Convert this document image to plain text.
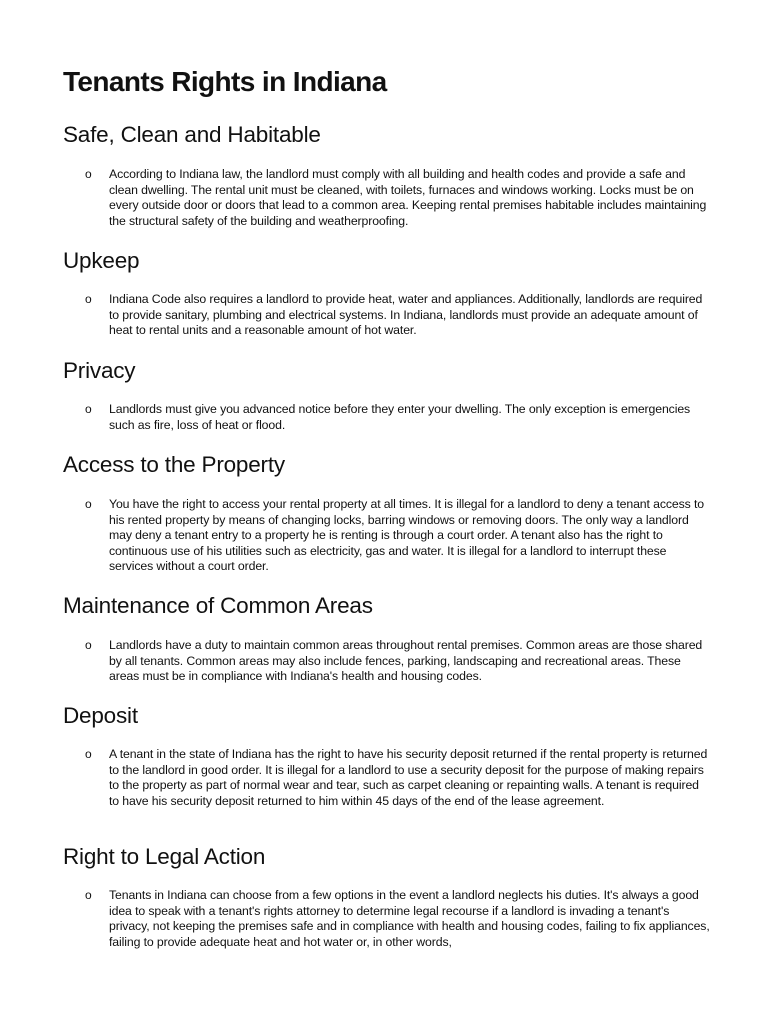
Tenants Rights in Indiana
Safe, Clean and Habitable
o According to Indiana law, the landlord must comply with all building and health codes and provide a safe and clean dwelling. The rental unit must be cleaned, with toilets, furnaces and windows working. Locks must be on every outside door or doors that lead to a common area. Keeping rental premises habitable includes maintaining the structural safety of the building and weatherproofing.

Upkeep
o Indiana Code also requires a landlord to provide heat, water and appliances. Additionally, landlords are required to provide sanitary, plumbing and electrical systems. In Indiana, landlords must provide an adequate amount of heat to rental units and a reasonable amount of hot water.

Privacy
o Landlords must give you advanced notice before they enter your dwelling. The only exception is emergencies such as fire, loss of heat or flood.

Access to the Property
o You have the right to access your rental property at all times. It is illegal for a landlord to deny a tenant access to his rented property by means of changing locks, barring windows or removing doors. The only way a landlord may deny a tenant entry to a property he is renting is through a court order. A tenant also has the right to continuous use of his utilities such as electricity, gas and water. It is illegal for a landlord to interrupt these services without a court order.

Maintenance of Common Areas
o Landlords have a duty to maintain common areas throughout rental premises. Common areas are those shared by all tenants. Common areas may also include fences, parking, landscaping and recreational areas. These areas must be in compliance with Indiana's health and housing codes.

Deposit
o A tenant in the state of Indiana has the right to have his security deposit returned if the rental property is returned to the landlord in good order. It is illegal for a landlord to use a security deposit for the purpose of making repairs to the property as part of normal wear and tear, such as carpet cleaning or repainting walls. A tenant is required to have his security deposit returned to him within 45 days of the end of the lease agreement.

Right to Legal Action
o Tenants in Indiana can choose from a few options in the event a landlord neglects his duties. It's always a good idea to speak with a tenant's rights attorney to determine legal recourse if a landlord is invading a tenant's privacy, not keeping the premises safe and in compliance with health and housing codes, failing to fix appliances, failing to provide adequate heat and hot water or, in other words,
